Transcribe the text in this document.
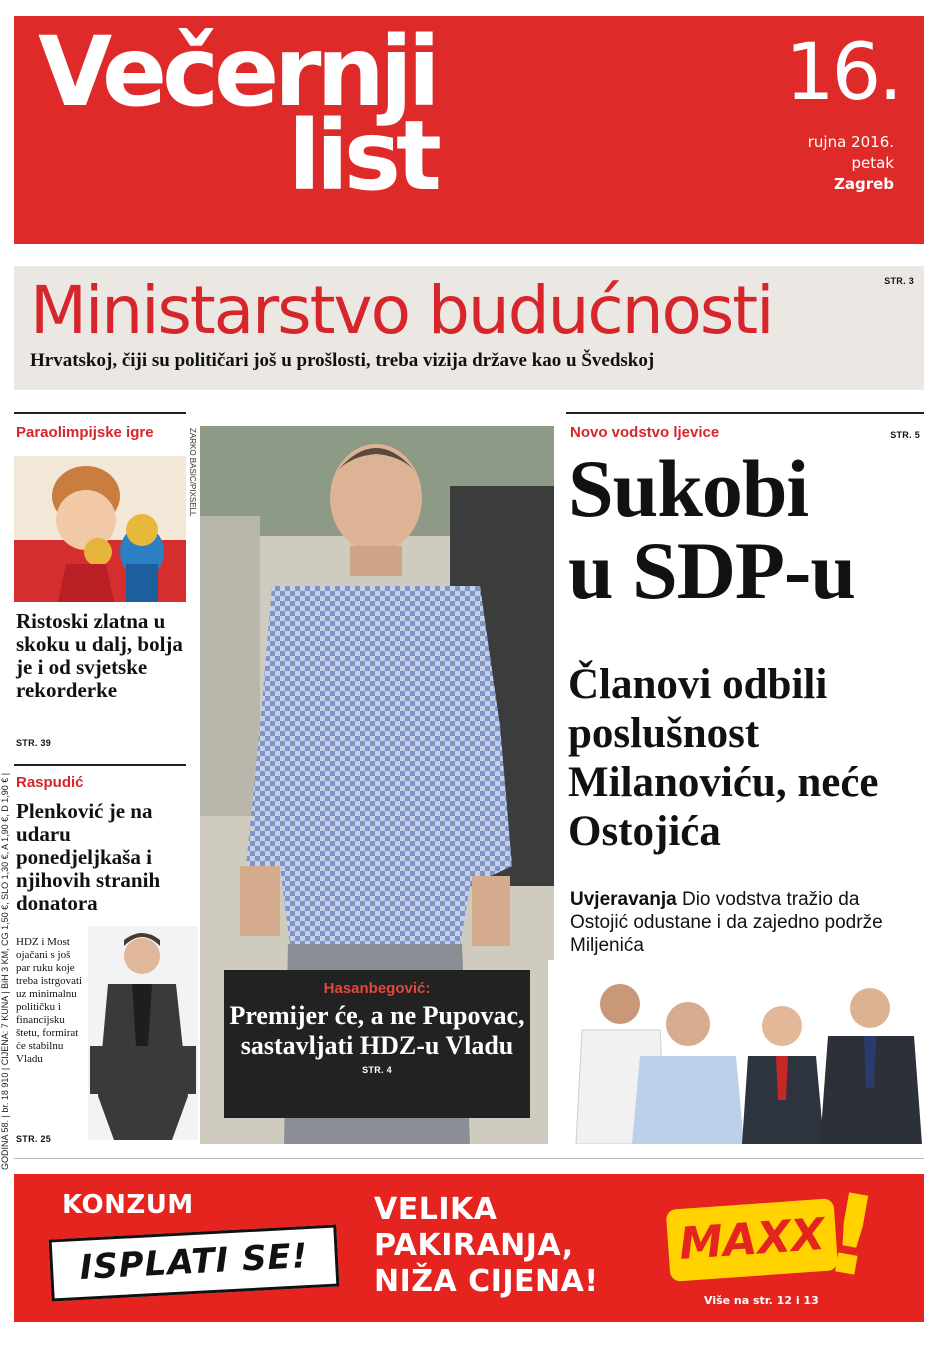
Večernji
list
16.
rujna 2016.
petak
Zagreb
Ministarstvo budućnosti
Hrvatskoj, čiji su političari još u prošlosti, treba vizija države kao u Švedskoj
STR. 3
GODINA 58. | br. 18 910 | CIJENA: 7 KUNA | BiH 3 KM, CG 1,50 €, SLO 1,30 €, A 1,90 €, D 1,90 € |
Paraolimpijske igre
Ristoski zlatna u skoku u dalj, bolja je i od svjetske rekorderke
STR. 39
Raspudić
Plenković je na udaru ponedjeljkaša i njihovih stranih donatora
HDZ i Most ojačani s još par ruku koje treba istrgovati uz minimalnu političku i financijsku štetu, formirat će stabilnu Vladu
STR. 25
ZARKO BASIC/PIXSELL
Hasanbegović:
Premijer će, a ne Pupovac, sastavljati HDZ-u Vladu
STR. 4
Novo vodstvo ljevice	STR. 5
Sukobi
u SDP-u
Članovi odbili poslušnost Milanoviću, neće Ostojića
Uvjeravanja Dio vodstva tražio da Ostojić odustane i da zajedno podrže Miljenića
KONZUM
ISPLATI SE!
VELIKA
PAKIRANJA,
NIŽA CIJENA!
MAXX
!
Više na str. 12 i 13
